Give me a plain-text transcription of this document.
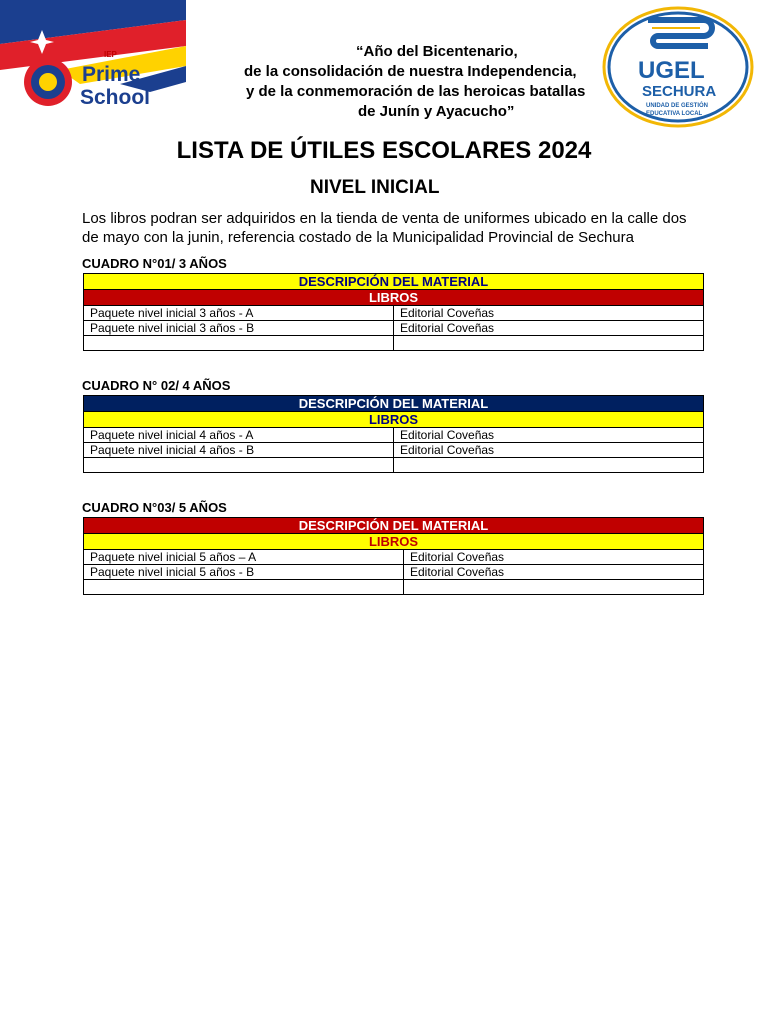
IEP
Prime
School
“Año del Bicentenario,
de la consolidación de nuestra Independencia,
y de la conmemoración de las heroicas batallas
de Junín y Ayacucho”
UGEL
SECHURA
UNIDAD DE GESTIÓN
EDUCATIVA LOCAL
LISTA DE ÚTILES ESCOLARES 2024
NIVEL INICIAL

Los libros podran ser adquiridos en la tienda de venta de uniformes ubicado en la calle dos de mayo con la junin, referencia costado de la Municipalidad Provincial de Sechura

CUADRO N°01/ 3 AÑOS

DESCRIPCIÓN DEL MATERIAL	
LIBROS	
Paquete nivel inicial 3 años - A	Editorial Coveñas
Paquete nivel inicial 3 años - B	Editorial Coveñas

CUADRO N° 02/ 4 AÑOS

DESCRIPCIÓN DEL MATERIAL	
LIBROS	
Paquete nivel inicial 4 años - A	Editorial Coveñas
Paquete nivel inicial 4 años - B	Editorial Coveñas

CUADRO N°03/ 5 AÑOS

DESCRIPCIÓN DEL MATERIAL	
LIBROS	
Paquete nivel inicial 5 años – A	Editorial Coveñas
Paquete nivel inicial 5 años - B	Editorial Coveñas
